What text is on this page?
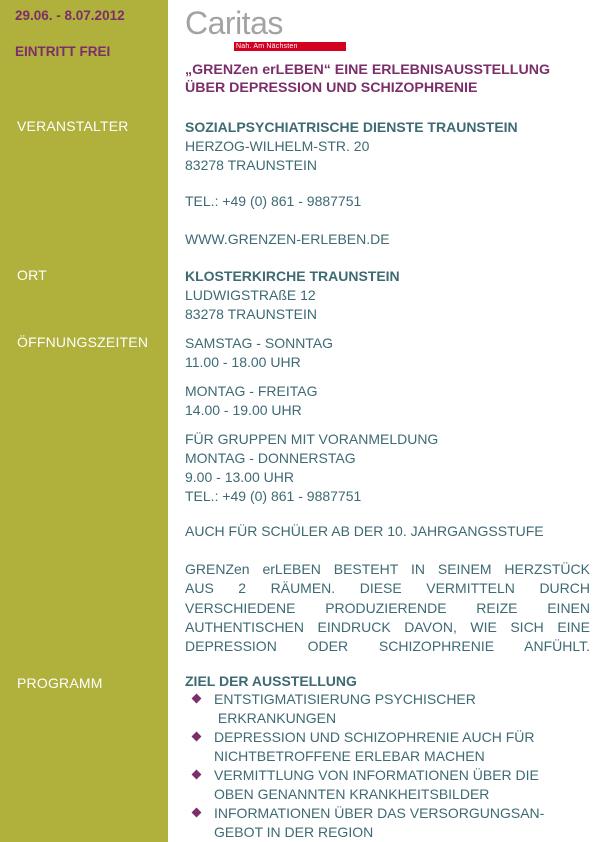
29.06. - 8.07.2012
EINTRITT FREI
VERANSTALTER
ORT
ÖFFNUNGSZEITEN
PROGRAMM
Caritas
Nah. Am Nächsten
„GRENZen erLEBEN“ EINE ERLEBNISAUSSTELLUNG
ÜBER DEPRESSION UND SCHIZOPHRENIE
SOZIALPSYCHIATRISCHE DIENSTE TRAUNSTEIN
HERZOG-WILHELM-STR. 20
83278 TRAUNSTEIN
TEL.: +49 (0) 861 - 9887751
WWW.GRENZEN-ERLEBEN.DE
KLOSTERKIRCHE TRAUNSTEIN
LUDWIGSTRAßE 12
83278 TRAUNSTEIN
SAMSTAG - SONNTAG
11.00 - 18.00 UHR
MONTAG - FREITAG
14.00 - 19.00 UHR
FÜR GRUPPEN MIT VORANMELDUNG
MONTAG - DONNERSTAG
9.00 - 13.00 UHR
TEL.: +49 (0) 861 - 9887751
AUCH FÜR SCHÜLER AB DER 10. JAHRGANGSSTUFE
GRENZen erLEBEN BESTEHT IN SEINEM HERZSTÜCK
AUS 2 RÄUMEN. DIESE VERMITTELN DURCH
VERSCHIEDENE PRODUZIERENDE REIZE EINEN
AUTHENTISCHEN EINDRUCK DAVON, WIE SICH EINE
DEPRESSION ODER SCHIZOPHRENIE ANFÜHLT.
ZIEL DER AUSSTELLUNG
ENTSTIGMATISIERUNG PSYCHISCHER
ERKRANKUNGEN
DEPRESSION UND SCHIZOPHRENIE AUCH FÜR
NICHTBETROFFENE ERLEBAR MACHEN
VERMITTLUNG VON INFORMATIONEN ÜBER DIE
OBEN GENANNTEN KRANKHEITSBILDER
INFORMATIONEN ÜBER DAS VERSORGUNGSAN-
GEBOT IN DER REGION
